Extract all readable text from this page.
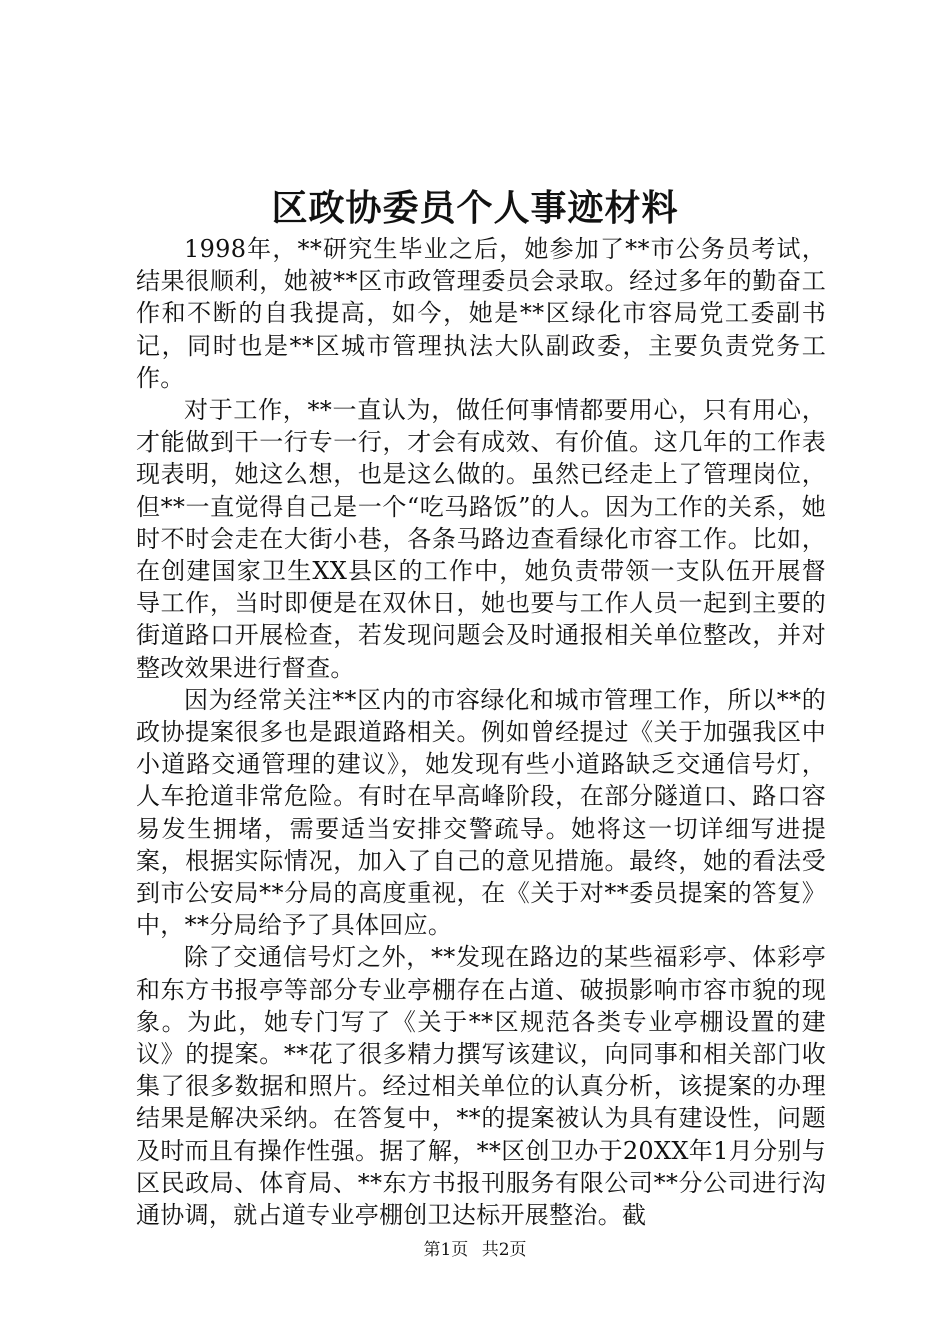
区政协委员个人事迹材料

1998年，**研究生毕业之后，她参加了**市公务员考试，结果很顺利，她被**区市政管理委员会录取。经过多年的勤奋工作和不断的自我提高，如今，她是**区绿化市容局党工委副书记，同时也是**区城市管理执法大队副政委，主要负责党务工作。

对于工作，**一直认为，做任何事情都要用心，只有用心，才能做到干一行专一行，才会有成效、有价值。这几年的工作表现表明，她这么想，也是这么做的。虽然已经走上了管理岗位，但**一直觉得自己是一个“吃马路饭”的人。因为工作的关系，她时不时会走在大街小巷，各条马路边查看绿化市容工作。比如，在创建国家卫生XX县区的工作中，她负责带领一支队伍开展督导工作，当时即便是在双休日，她也要与工作人员一起到主要的街道路口开展检查，若发现问题会及时通报相关单位整改，并对整改效果进行督查。

因为经常关注**区内的市容绿化和城市管理工作，所以**的政协提案很多也是跟道路相关。例如曾经提过《关于加强我区中小道路交通管理的建议》，她发现有些小道路缺乏交通信号灯，人车抢道非常危险。有时在早高峰阶段，在部分隧道口、路口容易发生拥堵，需要适当安排交警疏导。她将这一切详细写进提案，根据实际情况，加入了自己的意见措施。最终，她的看法受到市公安局**分局的高度重视，在《关于对**委员提案的答复》中，**分局给予了具体回应。

除了交通信号灯之外，**发现在路边的某些福彩亭、体彩亭和东方书报亭等部分专业亭棚存在占道、破损影响市容市貌的现象。为此，她专门写了《关于**区规范各类专业亭棚设置的建议》的提案。**花了很多精力撰写该建议，向同事和相关部门收集了很多数据和照片。经过相关单位的认真分析，该提案的办理结果是解决采纳。在答复中，**的提案被认为具有建设性，问题及时而且有操作性强。据了解，**区创卫办于20XX年1月分别与区民政局、体育局、**东方书报刊服务有限公司**分公司进行沟通协调，就占道专业亭棚创卫达标开展整治。截

第1页 共2页
